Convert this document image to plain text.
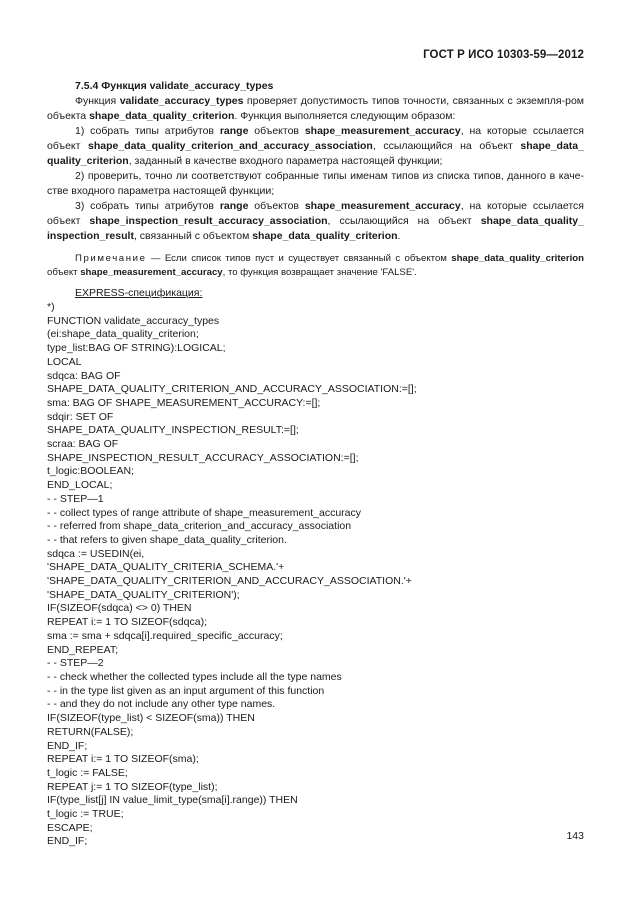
ГОСТ Р ИСО 10303-59—2012
7.5.4 Функция validate_accuracy_types

Функция validate_accuracy_types проверяет допустимость типов точности, связанных с экземпля-ром объекта shape_data_quality_criterion. Функция выполняется следующим образом:

1) собрать типы атрибутов range объектов shape_measurement_accuracy, на которые ссылается объект shape_data_quality_criterion_and_accuracy_association, ссылающийся на объект shape_data_ quality_criterion, заданный в качестве входного параметра настоящей функции;

2) проверить, точно ли соответствуют собранные типы именам типов из списка типов, данного в каче-стве входного параметра настоящей функции;

3) собрать типы атрибутов range объектов shape_measurement_accuracy, на которые ссылается объект shape_inspection_result_accuracy_association, ссылающийся на объект shape_data_quality_ inspection_result, связанный с объектом shape_data_quality_criterion.

Примечание — Если список типов пуст и существует связанный с объектом shape_data_quality_criterion объект shape_measurement_accuracy, то функция возвращает значение 'FALSE'.

EXPRESS-спецификация:
*)
FUNCTION validate_accuracy_types
(ei:shape_data_quality_criterion;
type_list:BAG OF STRING):LOGICAL;
LOCAL
sdqca: BAG OF
SHAPE_DATA_QUALITY_CRITERION_AND_ACCURACY_ASSOCIATION:=[];
sma: BAG OF SHAPE_MEASUREMENT_ACCURACY:=[];
sdqir: SET OF
SHAPE_DATA_QUALITY_INSPECTION_RESULT:=[];
scraa: BAG OF
SHAPE_INSPECTION_RESULT_ACCURACY_ASSOCIATION:=[];
t_logic:BOOLEAN;
END_LOCAL;
- - STEP—1
- - collect types of range attribute of shape_measurement_accuracy
- - referred from shape_data_criterion_and_accuracy_association
- - that refers to given shape_data_quality_criterion.
sdqca := USEDIN(ei,
'SHAPE_DATA_QUALITY_CRITERIA_SCHEMA.'+
'SHAPE_DATA_QUALITY_CRITERION_AND_ACCURACY_ASSOCIATION.'+
'SHAPE_DATA_QUALITY_CRITERION');
IF(SIZEOF(sdqca) <> 0) THEN
REPEAT i:= 1 TO SIZEOF(sdqca);
sma := sma + sdqca[i].required_specific_accuracy;
END_REPEAT;
- - STEP—2
- - check whether the collected types include all the type names
- - in the type list given as an input argument of this function
- - and they do not include any other type names.
IF(SIZEOF(type_list) < SIZEOF(sma)) THEN
RETURN(FALSE);
END_IF;
REPEAT i:= 1 TO SIZEOF(sma);
t_logic := FALSE;
REPEAT j:= 1 TO SIZEOF(type_list);
IF(type_list[j] IN value_limit_type(sma[i].range)) THEN
t_logic := TRUE;
ESCAPE;
END_IF;	143
